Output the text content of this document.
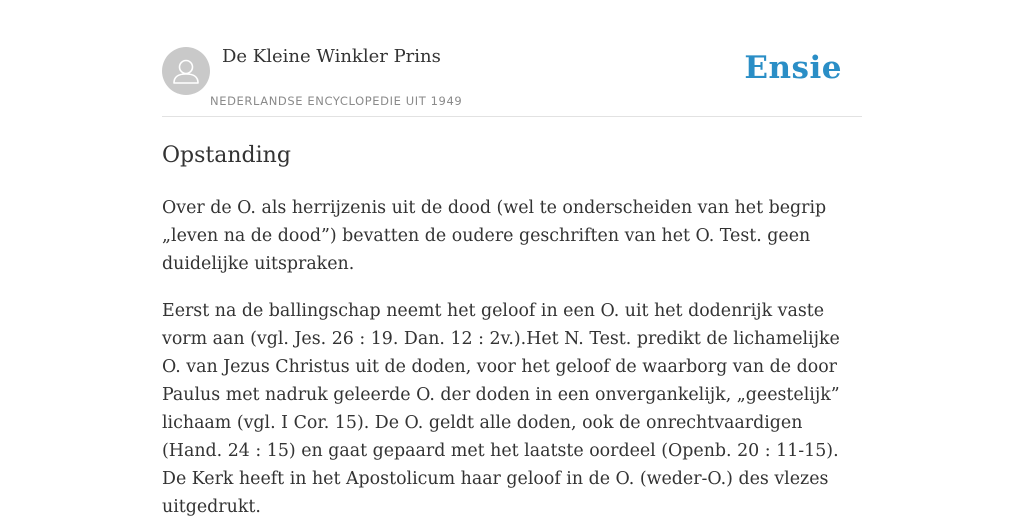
De Kleine Winkler Prins
NEDERLANDSE ENCYCLOPEDIE UIT 1949
Ensie
Opstanding

Over de O. als herrijzenis uit de dood (wel te onderscheiden van het begrip „leven na de dood”) bevatten de oudere geschriften van het O. Test. geen duidelijke uitspraken.

Eerst na de ballingschap neemt het geloof in een O. uit het dodenrijk vaste vorm aan (vgl. Jes. 26 : 19. Dan. 12 : 2v.).Het N. Test. predikt de lichamelijke O. van Jezus Christus uit de doden, voor het geloof de waarborg van de door Paulus met nadruk geleerde O. der doden in een onvergankelijk, „geestelijk” lichaam (vgl. I Cor. 15). De O. geldt alle doden, ook de onrechtvaardigen (Hand. 24 : 15) en gaat gepaard met het laatste oordeel (Openb. 20 : 11-15). De Kerk heeft in het Apostolicum haar geloof in de O. (weder-O.) des vlezes uitgedrukt.
